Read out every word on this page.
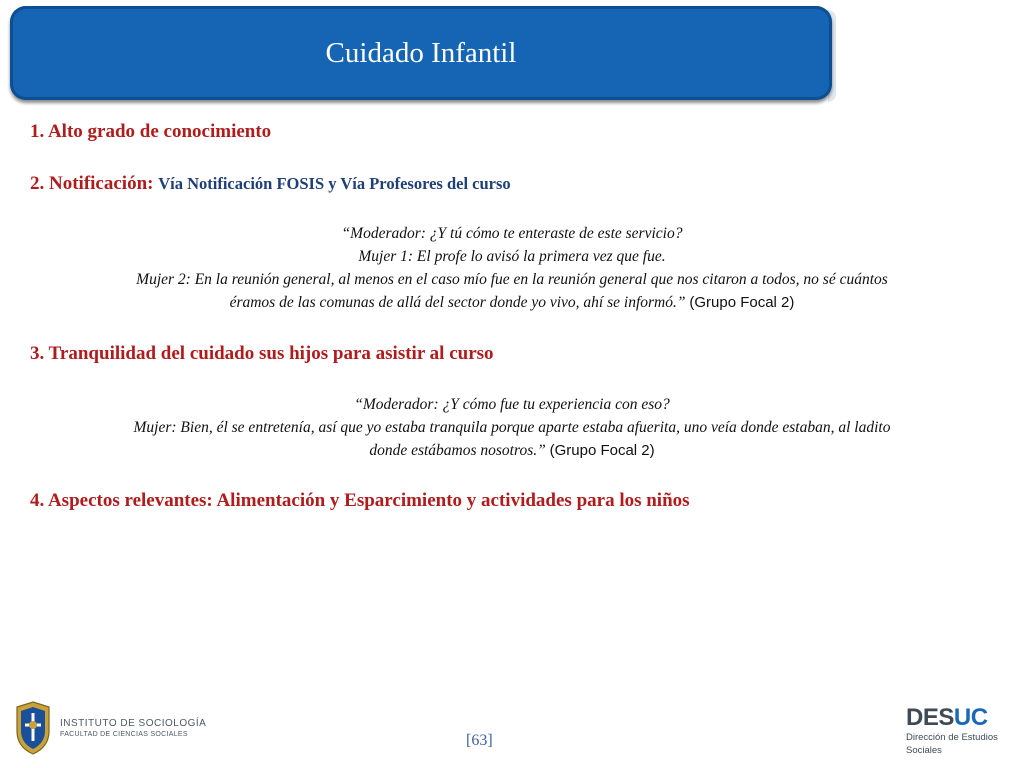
Cuidado Infantil
1. Alto grado de conocimiento
2. Notificación: Vía Notificación FOSIS y Vía Profesores del curso
“Moderador: ¿Y tú cómo te enteraste de este servicio?
Mujer 1: El profe lo avisó la primera vez que fue.
Mujer 2: En la reunión general, al menos en el caso mío fue en la reunión general que nos citaron a todos, no sé cuántos
éramos de las comunas de allá del sector donde yo vivo, ahí se informó.” (Grupo Focal 2)
3. Tranquilidad del cuidado sus hijos para asistir al curso
“Moderador: ¿Y cómo fue tu experiencia con eso?
Mujer: Bien, él se entretenía, así que yo estaba tranquila porque aparte estaba afuerita, uno veía donde estaban, al ladito
donde estábamos nosotros.” (Grupo Focal 2)
4. Aspectos relevantes: Alimentación y Esparcimiento y actividades para los niños
INSTITUTO DE SOCIOLOGÍA
FACULTAD DE CIENCIAS SOCIALES	[63]
DESUC
Dirección de Estudios
Sociales
